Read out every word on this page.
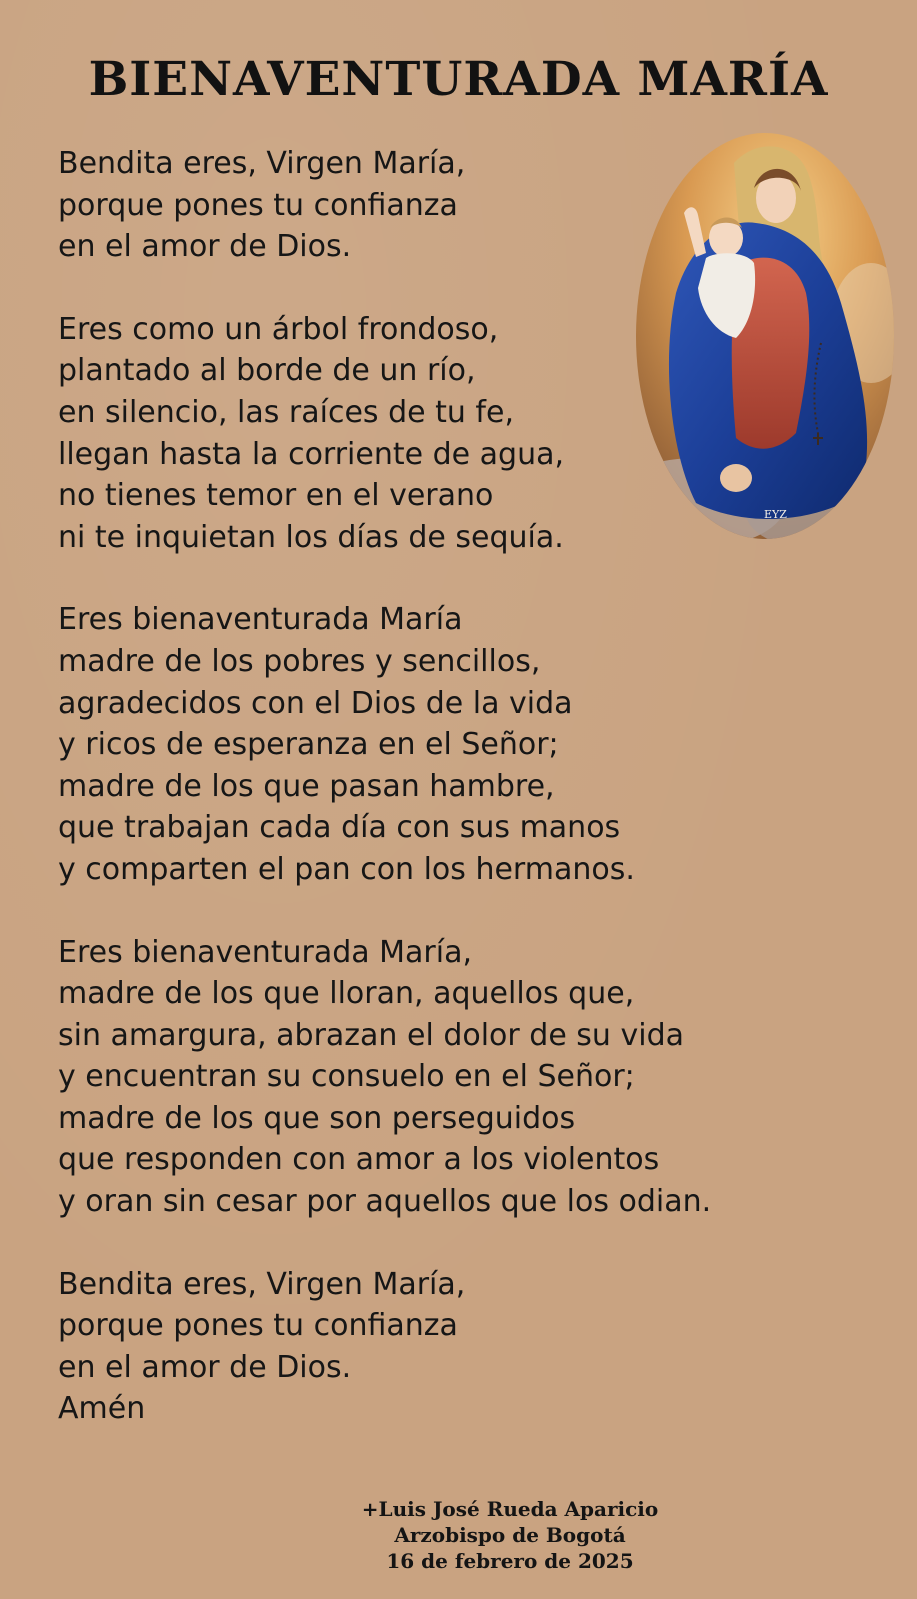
BIENAVENTURADA MARÍA
EYZ
Bendita eres, Virgen María,
porque pones tu confianza
en el amor de Dios.
Eres como un árbol frondoso,
plantado al borde de un río,
en silencio, las raíces de tu fe,
llegan hasta la corriente de agua,
no tienes temor en el verano
ni te inquietan los días de sequía.
Eres bienaventurada María
madre de los pobres y sencillos,
agradecidos con el Dios de la vida
y ricos de esperanza en el Señor;
madre de los que pasan hambre,
que trabajan cada día con sus manos
y comparten el pan con los hermanos.
Eres bienaventurada María,
madre de los que lloran, aquellos que,
sin amargura, abrazan el dolor de su vida
y encuentran su consuelo en el Señor;
madre de los que son perseguidos
que responden con amor a los violentos
y oran sin cesar por aquellos que los odian.
Bendita eres, Virgen María,
porque pones tu confianza
en el amor de Dios.
Amén
+Luis José Rueda Aparicio
Arzobispo de Bogotá
16 de febrero de 2025
